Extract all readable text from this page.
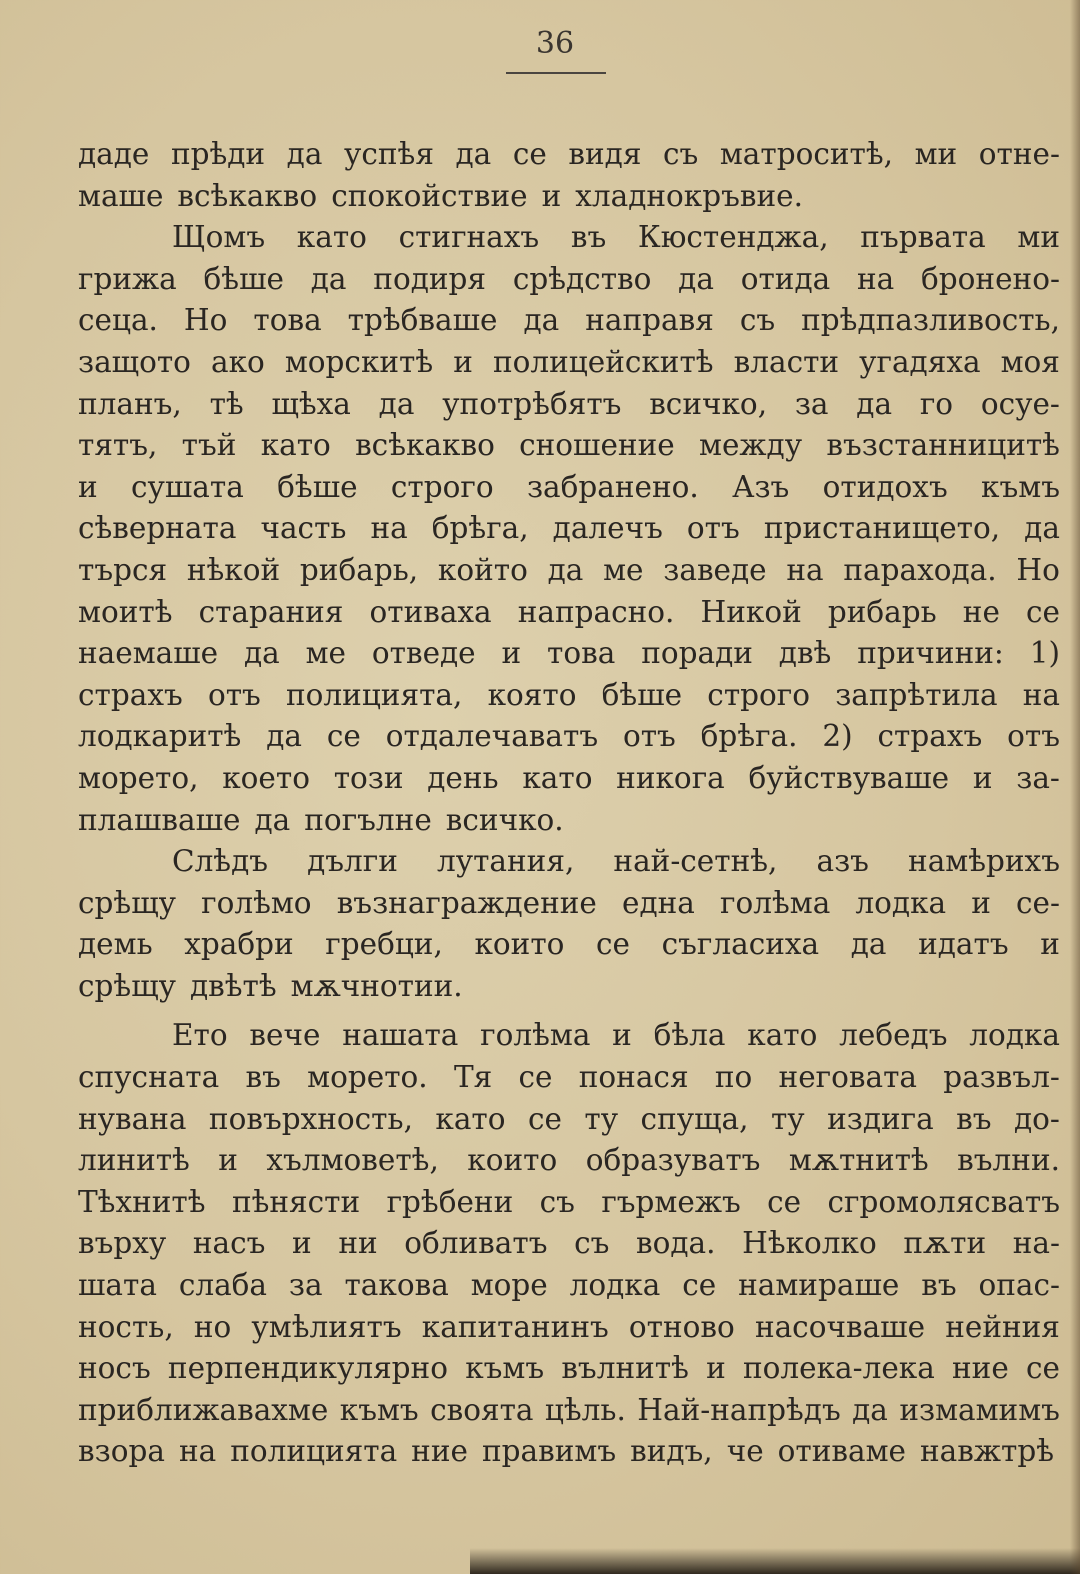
36
даде прѣди да успѣя да се видя съ матроситѣ, ми отне-
маше всѣкакво спокойствие и хладнокръвие.
Щомъ като стигнахъ въ Кюстенджа, първата ми
грижа бѣше да подиря срѣдство да отида на бронено-
сеца. Но това трѣбваше да направя съ прѣдпазливость,
защото ако морскитѣ и полицейскитѣ власти угадяха моя
планъ, тѣ щѣха да употрѣбятъ всичко, за да го осуе-
тятъ, тъй като всѣкакво сношение между възстанницитѣ
и сушата бѣше строго забранено. Азъ отидохъ къмъ
сѣверната часть на брѣга, далечъ отъ пристанището, да
търся нѣкой рибарь, който да ме заведе на парахода. Но
моитѣ старания отиваха напрасно. Никой рибарь не се
наемаше да ме отведе и това поради двѣ причини: 1)
страхъ отъ полицията, която бѣше строго запрѣтила на
лодкаритѣ да се отдалечаватъ отъ брѣга. 2) страхъ отъ
морето, което този день като никога буйствуваше и за-
плашваше да погълне всичко.
Слѣдъ дълги лутания, най-сетнѣ, азъ намѣрихъ
срѣщу голѣмо възнаграждение една голѣма лодка и се-
демь храбри гребци, които се съгласиха да идатъ и
срѣщу двѣтѣ мѫчнотии.
Ето вече нашата голѣма и бѣла като лебедъ лодка
спусната въ морето. Тя се понася по неговата развъл-
нувана повърхность, като се ту спуща, ту издига въ до-
линитѣ и хълмоветѣ, които образуватъ мѫтнитѣ вълни.
Тѣхнитѣ пѣнясти грѣбени съ гърмежъ се сгромолясватъ
върху насъ и ни обливатъ съ вода. Нѣколко пѫти на-
шата слаба за такова море лодка се намираше въ опас-
ность, но умѣлиятъ капитанинъ отново насочваше нейния
носъ перпендикулярно къмъ вълнитѣ и полека-лека ние се
приближавахме къмъ своята цѣль. Най-напрѣдъ да измамимъ
взора на полицията ние правимъ видъ, че отиваме навжтрѣ
